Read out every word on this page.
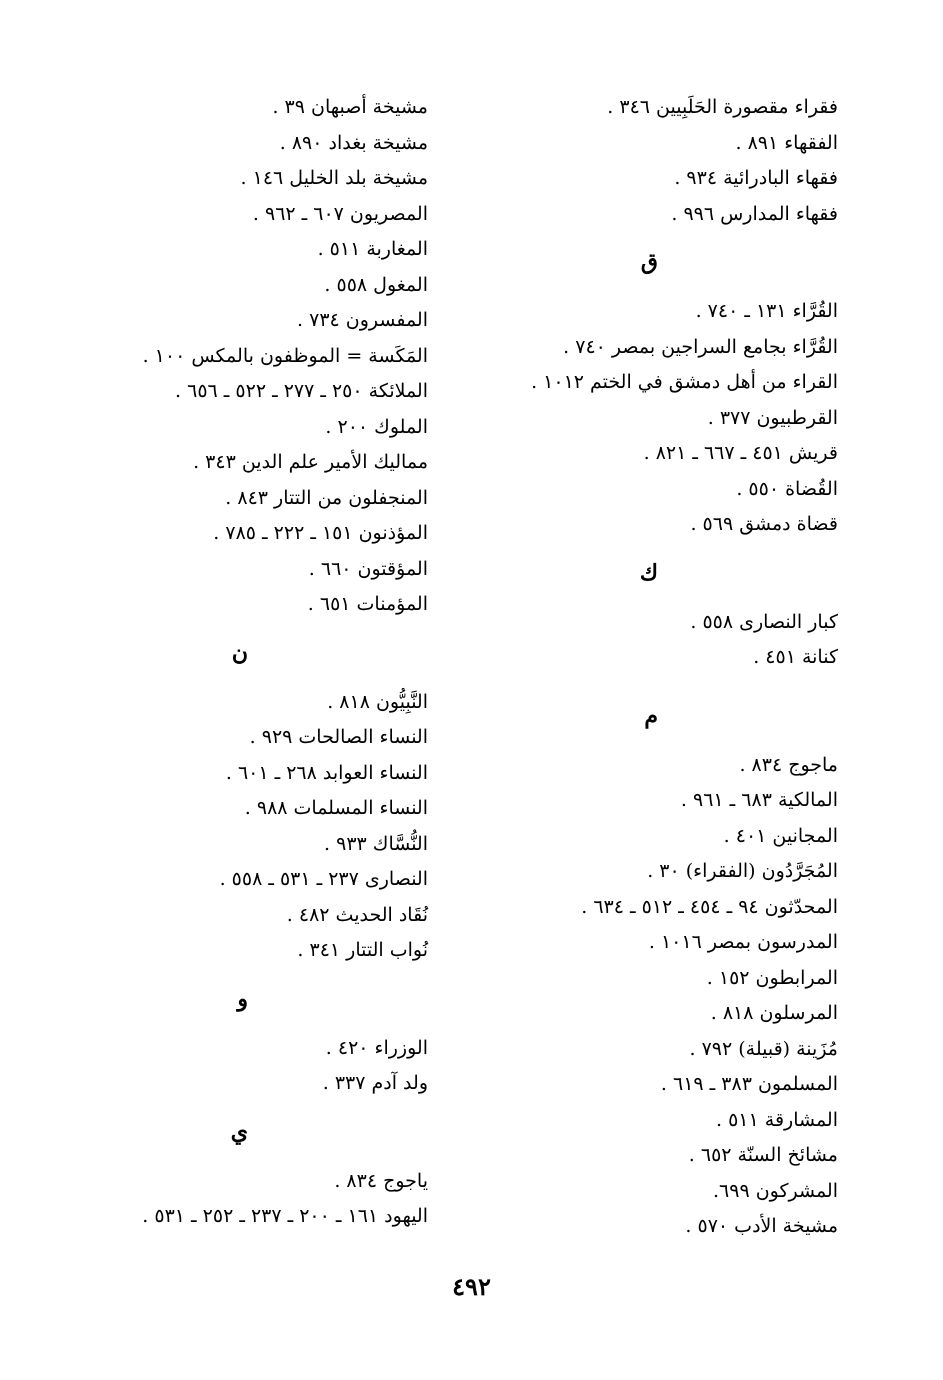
فقراء مقصورة الحَلَبِيين ٣٤٦ .
الفقهاء ٨٩١ .
فقهاء البادرائية ٩٣٤ .
فقهاء المدارس ٩٩٦ .
ق
القُرَّاء ١٣١ ـ ٧٤٠ .
القُرَّاء بجامع السراجين بمصر ٧٤٠ .
القراء من أهل دمشق في الختم ١٠١٢ .
القرطبيون ٣٧٧ .
قريش ٤٥١ ـ ٦٦٧ ـ ٨٢١ .
القُضاة ٥٥٠ .
قضاة دمشق ٥٦٩ .
ك
كبار النصارى ٥٥٨ .
كنانة ٤٥١ .
م
ماجوج ٨٣٤ .
المالكية ٦٨٣ ـ ٩٦١ .
المجانين ٤٠١ .
المُجَرَّدُون (الفقراء) ٣٠ .
المحدّثون ٩٤ ـ ٤٥٤ ـ ٥١٢ ـ ٦٣٤ .
المدرسون بمصر ١٠١٦ .
المرابطون ١٥٢ .
المرسلون ٨١٨ .
مُزَينة (قبيلة) ٧٩٢ .
المسلمون ٣٨٣ ـ ٦١٩ .
المشارقة ٥١١ .
مشائخ السنّة ٦٥٢ .
المشركون ٦٩٩.
مشيخة الأدب ٥٧٠ .
مشيخة أصبهان ٣٩ .
مشيخة بغداد ٨٩٠ .
مشيخة بلد الخليل ١٤٦ .
المصريون ٦٠٧ ـ ٩٦٢ .
المغاربة ٥١١ .
المغول ٥٥٨ .
المفسرون ٧٣٤ .
المَكَسة = الموظفون بالمكس ١٠٠ .
الملائكة ٢٥٠ ـ ٢٧٧ ـ ٥٢٢ ـ ٦٥٦ .
الملوك ٢٠٠ .
مماليك الأمير علم الدين ٣٤٣ .
المنجفلون من التتار ٨٤٣ .
المؤذنون ١٥١ ـ ٢٢٢ ـ ٧٨٥ .
المؤقتون ٦٦٠ .
المؤمنات ٦٥١ .
ن
النَّبِيُّون ٨١٨ .
النساء الصالحات ٩٢٩ .
النساء العوابد ٢٦٨ ـ ٦٠١ .
النساء المسلمات ٩٨٨ .
النُّسَّاك ٩٣٣ .
النصارى ٢٣٧ ـ ٥٣١ ـ ٥٥٨ .
نُقَاد الحديث ٤٨٢ .
نُواب التتار ٣٤١ .
و
الوزراء ٤٢٠ .
ولد آدم ٣٣٧ .
ي
ياجوج ٨٣٤ .
اليهود ١٦١ ـ ٢٠٠ ـ ٢٣٧ ـ ٢٥٢ ـ ٥٣١ .
٤٩٢
